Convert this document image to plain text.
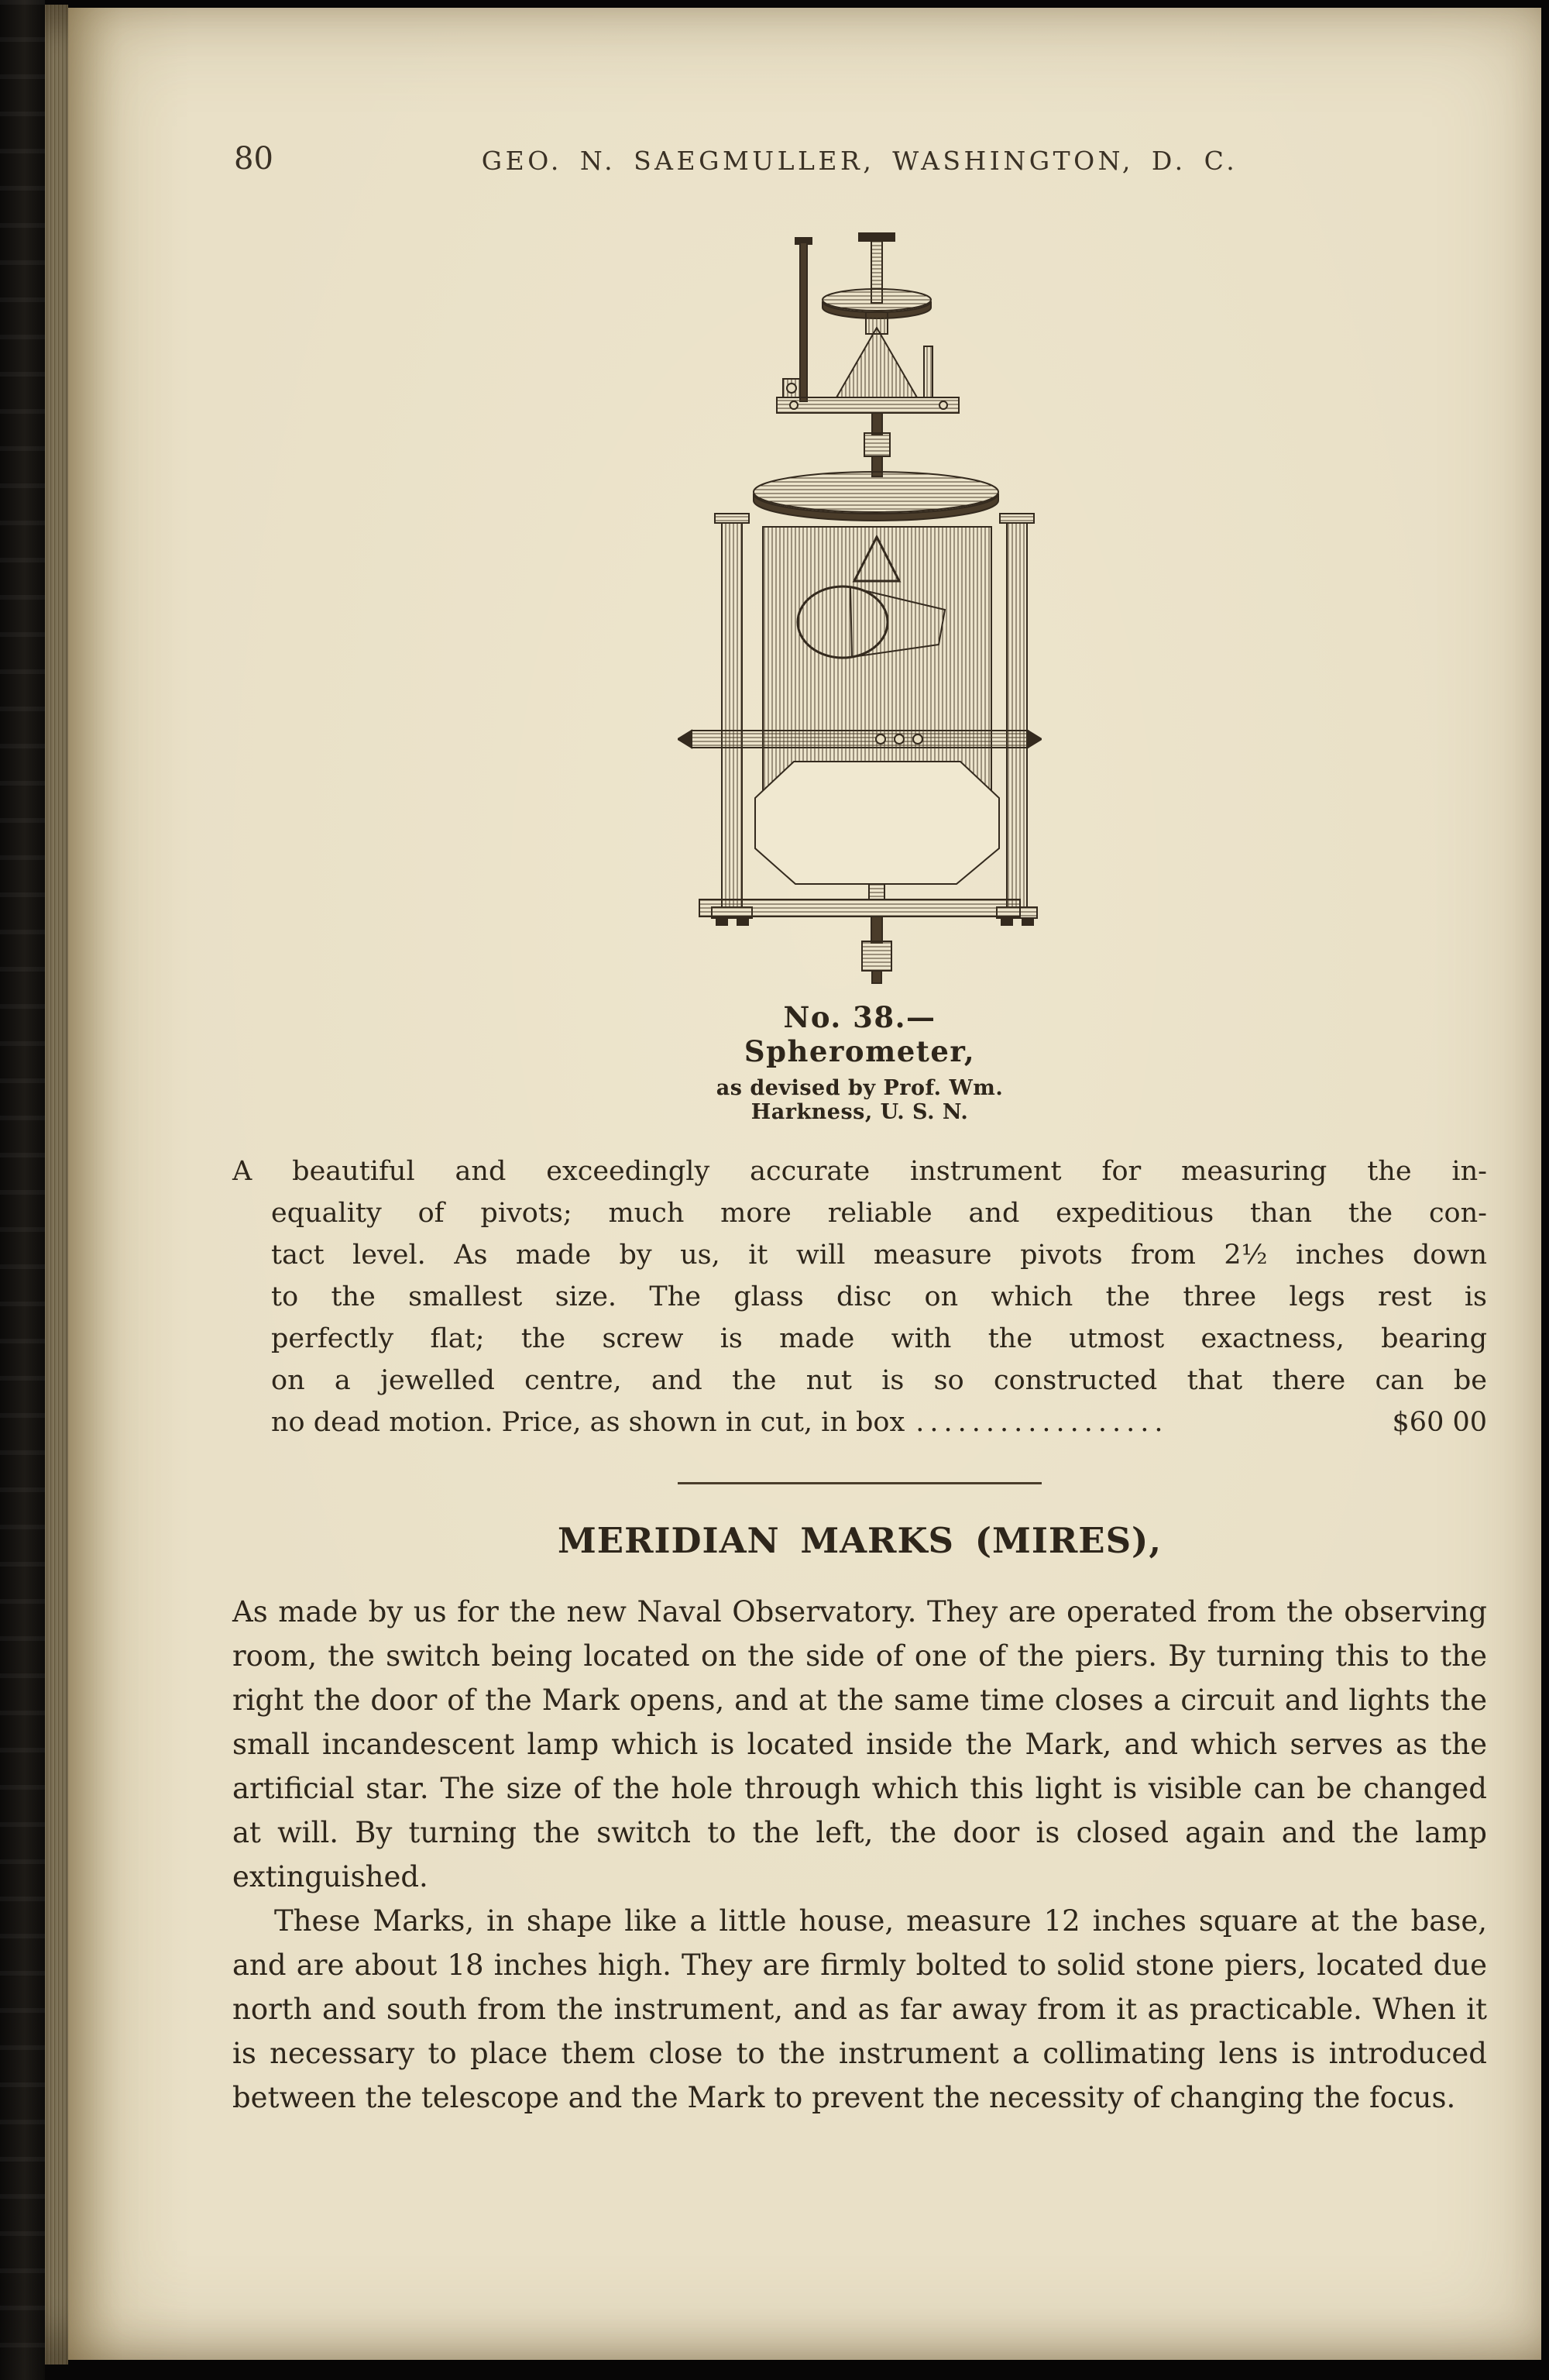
80	GEO. N. SAEGMULLER, WASHINGTON, D. C.
No. 38.—Spherometer,
as devised by Prof. Wm. Harkness, U. S. N.
A beautiful and exceedingly accurate instrument for measuring the in-
equality of pivots; much more reliable and expeditious than the con-
tact level. As made by us, it will measure pivots from 2½ inches down
to the smallest size. The glass disc on which the three legs rest is
perfectly flat; the screw is made with the utmost exactness, bearing
on a jewelled centre, and the nut is so constructed that there can be
no dead motion. Price, as shown in cut, in box ..................	$60 00
MERIDIAN MARKS (MIRES),

As made by us for the new Naval Observatory. They are operated from the observing room, the switch being located on the side of one of the piers. By turning this to the right the door of the Mark opens, and at the same time closes a circuit and lights the small incandescent lamp which is located inside the Mark, and which serves as the artificial star. The size of the hole through which this light is visible can be changed at will. By turning the switch to the left, the door is closed again and the lamp extinguished.

These Marks, in shape like a little house, measure 12 inches square at the base, and are about 18 inches high. They are firmly bolted to solid stone piers, located due north and south from the instrument, and as far away from it as practicable. When it is necessary to place them close to the instrument a collimating lens is introduced between the telescope and the Mark to prevent the necessity of changing the focus.
